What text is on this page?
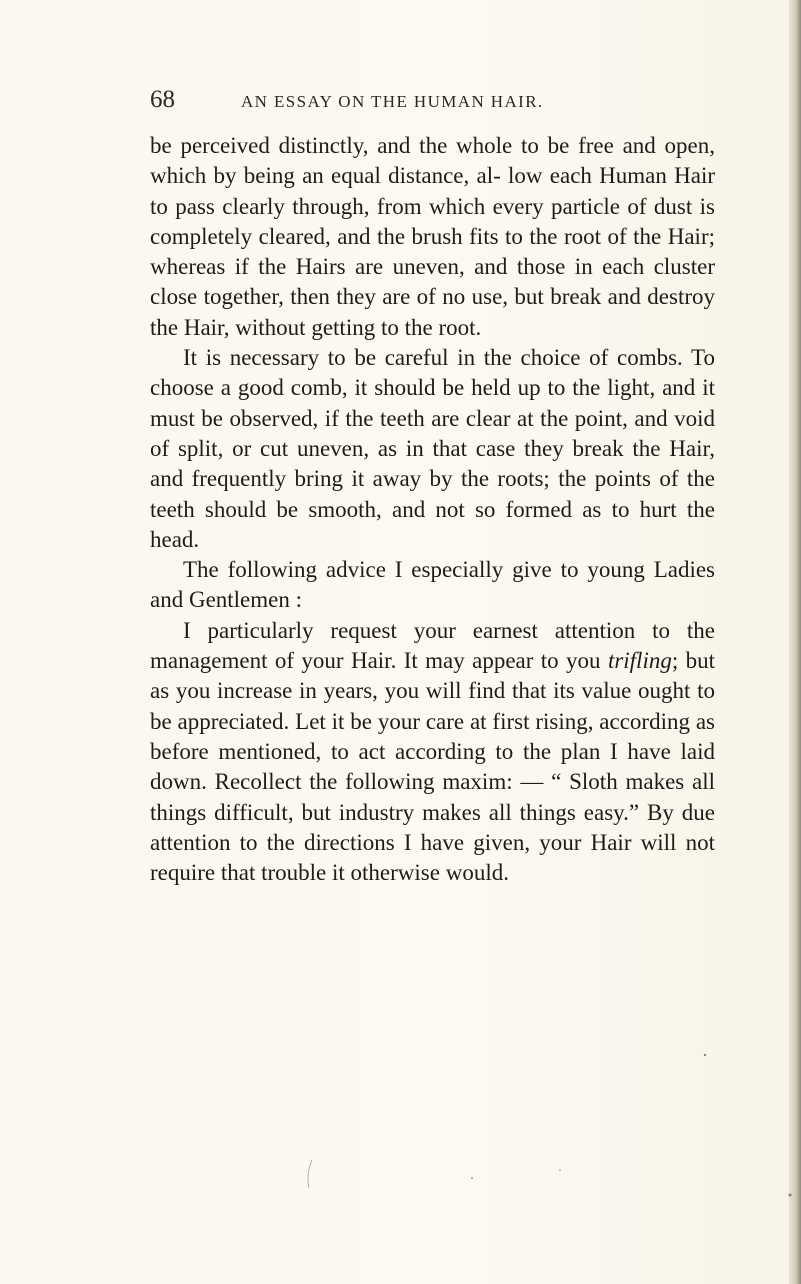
68	AN ESSAY ON THE HUMAN HAIR.

be perceived distinctly, and the whole to be free and open, which by being an equal distance, al- low each Human Hair to pass clearly through, from which every particle of dust is completely cleared, and the brush fits to the root of the Hair; whereas if the Hairs are uneven, and those in each cluster close together, then they are of no use, but break and destroy the Hair, without getting to the root.

It is necessary to be careful in the choice of combs. To choose a good comb, it should be held up to the light, and it must be observed, if the teeth are clear at the point, and void of split, or cut uneven, as in that case they break the Hair, and frequently bring it away by the roots; the points of the teeth should be smooth, and not so formed as to hurt the head.

The following advice I especially give to young Ladies and Gentlemen :

I particularly request your earnest attention to the management of your Hair. It may appear to you trifling; but as you increase in years, you will find that its value ought to be appreciated. Let it be your care at first rising, according as before mentioned, to act according to the plan I have laid down. Recollect the following maxim: — “ Sloth makes all things difficult, but industry makes all things easy.” By due attention to the directions I have given, your Hair will not require that trouble it otherwise would.
